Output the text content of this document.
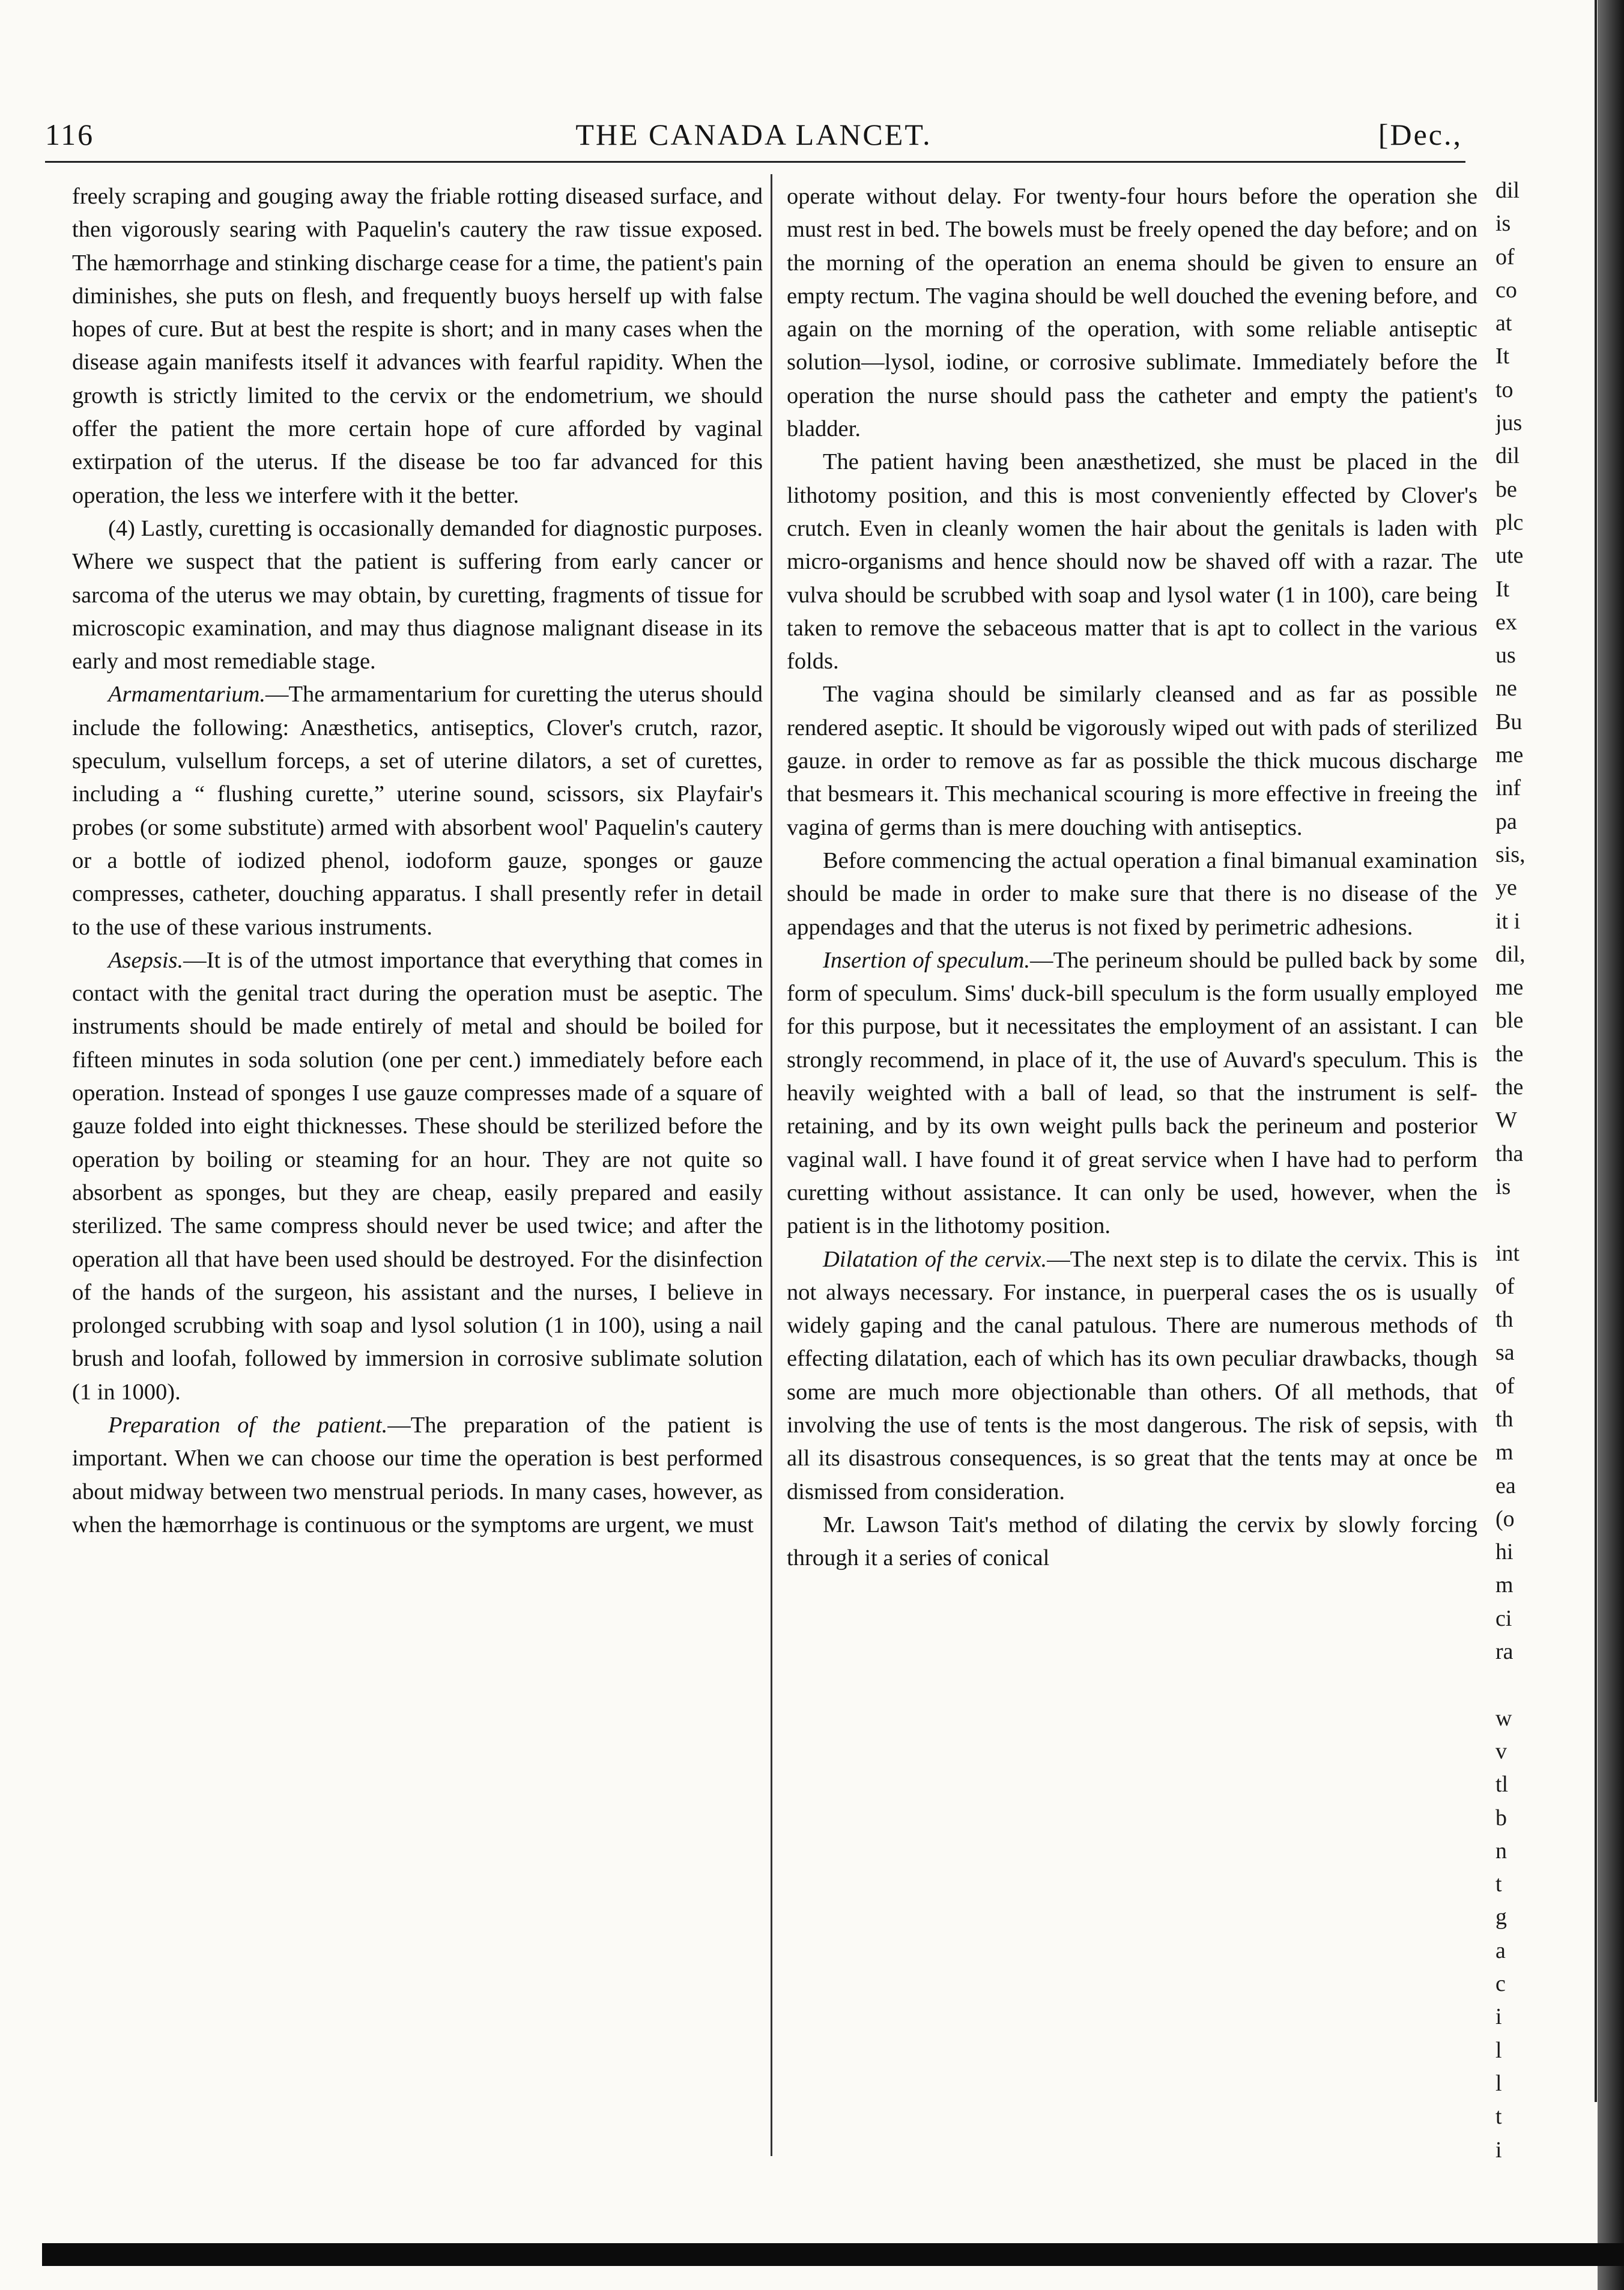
116	THE CANADA LANCET.	[Dec.,

freely scraping and gouging away the friable rotting diseased surface, and then vigorously searing with Paquelin's cautery the raw tissue exposed. The hæmorrhage and stinking discharge cease for a time, the patient's pain diminishes, she puts on flesh, and frequently buoys herself up with false hopes of cure. But at best the respite is short; and in many cases when the disease again manifests itself it advances with fearful rapidity. When the growth is strictly limited to the cervix or the endometrium, we should offer the patient the more certain hope of cure afforded by vaginal extirpation of the uterus. If the disease be too far advanced for this operation, the less we interfere with it the better.

(4) Lastly, curetting is occasionally demanded for diagnostic purposes. Where we suspect that the patient is suffering from early cancer or sarcoma of the uterus we may obtain, by curetting, fragments of tissue for microscopic examination, and may thus diagnose malignant disease in its early and most remediable stage.

Armamentarium.—The armamentarium for curetting the uterus should include the following: Anæsthetics, antiseptics, Clover's crutch, razor, speculum, vulsellum forceps, a set of uterine dilators, a set of curettes, including a “ flushing curette,” uterine sound, scissors, six Playfair's probes (or some substitute) armed with absorbent wool' Paquelin's cautery or a bottle of iodized phenol, iodoform gauze, sponges or gauze compresses, catheter, douching apparatus. I shall presently refer in detail to the use of these various instruments.

Asepsis.—It is of the utmost importance that everything that comes in contact with the genital tract during the operation must be aseptic. The instruments should be made entirely of metal and should be boiled for fifteen minutes in soda solution (one per cent.) immediately before each operation. Instead of sponges I use gauze compresses made of a square of gauze folded into eight thicknesses. These should be sterilized before the operation by boiling or steaming for an hour. They are not quite so absorbent as sponges, but they are cheap, easily prepared and easily sterilized. The same compress should never be used twice; and after the operation all that have been used should be destroyed. For the disinfection of the hands of the surgeon, his assistant and the nurses, I believe in prolonged scrubbing with soap and lysol solution (1 in 100), using a nail brush and loofah, followed by immersion in corrosive sublimate solution (1 in 1000).

Preparation of the patient.—The preparation of the patient is important. When we can choose our time the operation is best performed about midway between two menstrual periods. In many cases, however, as when the hæmorrhage is continuous or the symptoms are urgent, we must

operate without delay. For twenty-four hours before the operation she must rest in bed. The bowels must be freely opened the day before; and on the morning of the operation an enema should be given to ensure an empty rectum. The vagina should be well douched the evening before, and again on the morning of the operation, with some reliable antiseptic solution—lysol, iodine, or corrosive sublimate. Immediately before the operation the nurse should pass the catheter and empty the patient's bladder.

The patient having been anæsthetized, she must be placed in the lithotomy position, and this is most conveniently effected by Clover's crutch. Even in cleanly women the hair about the genitals is laden with micro-organisms and hence should now be shaved off with a razar. The vulva should be scrubbed with soap and lysol water (1 in 100), care being taken to remove the sebaceous matter that is apt to collect in the various folds.

The vagina should be similarly cleansed and as far as possible rendered aseptic. It should be vigorously wiped out with pads of sterilized gauze. in order to remove as far as possible the thick mucous discharge that besmears it. This mechanical scouring is more effective in freeing the vagina of germs than is mere douching with antiseptics.

Before commencing the actual operation a final bimanual examination should be made in order to make sure that there is no disease of the appendages and that the uterus is not fixed by perimetric adhesions.

Insertion of speculum.—The perineum should be pulled back by some form of speculum. Sims' duck-bill speculum is the form usually employed for this purpose, but it necessitates the employment of an assistant. I can strongly recommend, in place of it, the use of Auvard's speculum. This is heavily weighted with a ball of lead, so that the instrument is self-retaining, and by its own weight pulls back the perineum and posterior vaginal wall. I have found it of great service when I have had to perform curetting without assistance. It can only be used, however, when the patient is in the lithotomy position.

Dilatation of the cervix.—The next step is to dilate the cervix. This is not always necessary. For instance, in puerperal cases the os is usually widely gaping and the canal patulous. There are numerous methods of effecting dilatation, each of which has its own peculiar drawbacks, though some are much more objectionable than others. Of all methods, that involving the use of tents is the most dangerous. The risk of sepsis, with all its disastrous consequences, is so great that the tents may at once be dismissed from consideration.

Mr. Lawson Tait's method of dilating the cervix by slowly forcing through it a series of conical

dil
is
of
co
at
It
to
jus
dil
be
plc
ute
It
ex
us
ne
Bu
me
inf
pa
sis,
ye
it i
dil,
me
ble
the
the
W
tha
is

int
of
th
sa
of
th
m
ea
(o
hi
m
ci
ra

w
v
tl
b
n
t
g
a
c
i
l
l
t
i
